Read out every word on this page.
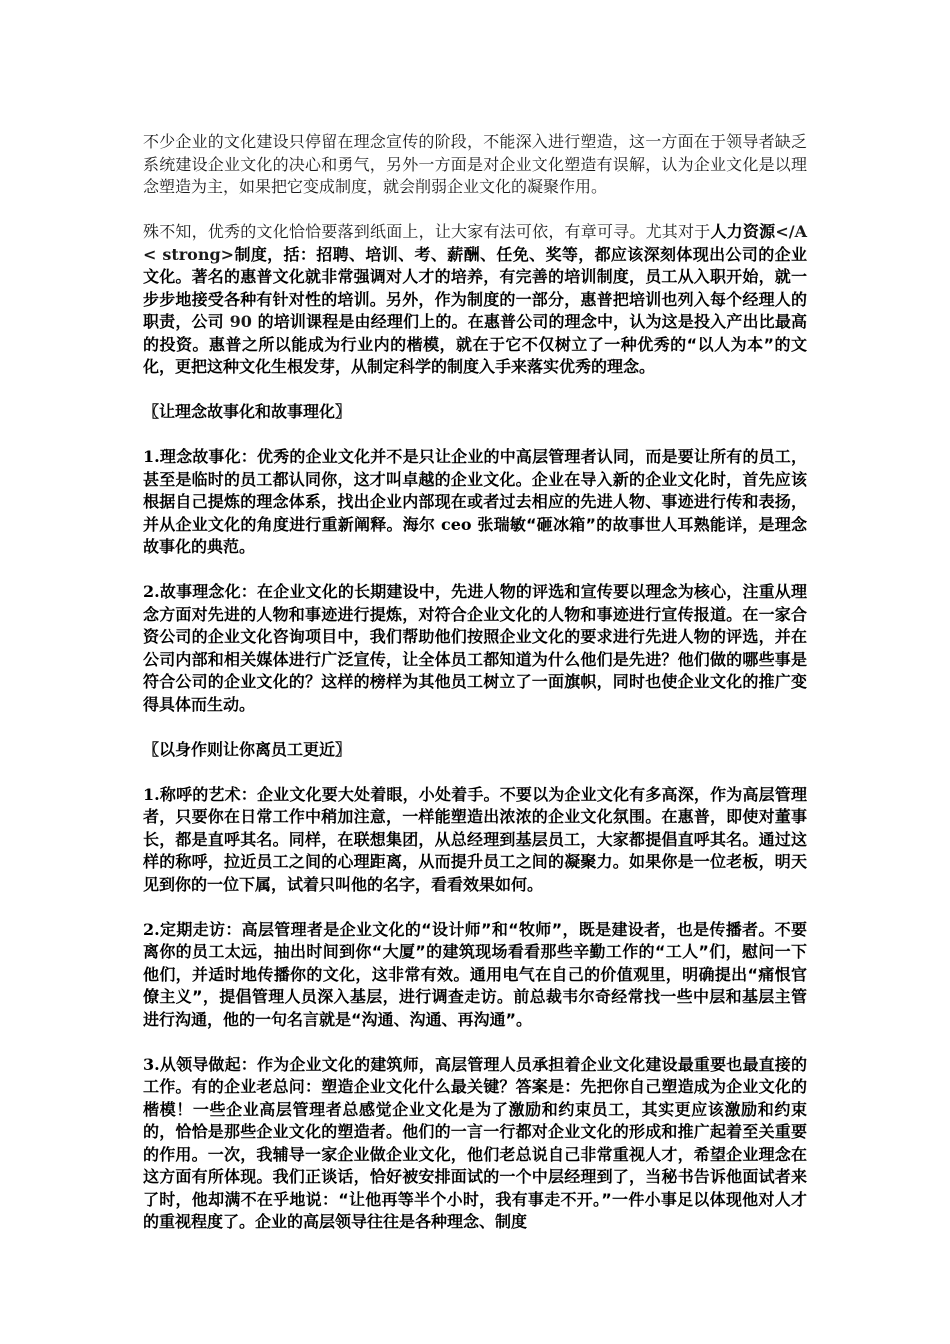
不少企业的文化建设只停留在理念宣传的阶段，不能深入进行塑造，这一方面在于领导者缺乏系统建设企业文化的决心和勇气，另外一方面是对企业文化塑造有误解，认为企业文化是以理念塑造为主，如果把它变成制度，就会削弱企业文化的凝聚作用。

殊不知，优秀的文化恰恰要落到纸面上，让大家有法可依，有章可寻。尤其对于人力资源</A< strong>制度，括：招聘、培训、考、薪酬、任免、奖等，都应该深刻体现出公司的企业文化。著名的惠普文化就非常强调对人才的培养，有完善的培训制度，员工从入职开始，就一步步地接受各种有针对性的培训。另外，作为制度的一部分，惠普把培训也列入每个经理人的职责，公司 90 的培训课程是由经理们上的。在惠普公司的理念中，认为这是投入产出比最高的投资。惠普之所以能成为行业内的楷模，就在于它不仅树立了一种优秀的“以人为本”的文化，更把这种文化生根发芽，从制定科学的制度入手来落实优秀的理念。

〖让理念故事化和故事理化〗

1.理念故事化：优秀的企业文化并不是只让企业的中高层管理者认同，而是要让所有的员工，甚至是临时的员工都认同你，这才叫卓越的企业文化。企业在导入新的企业文化时，首先应该根据自己提炼的理念体系，找出企业内部现在或者过去相应的先进人物、事迹进行传和表扬，并从企业文化的角度进行重新阐释。海尔 ceo 张瑞敏“砸冰箱”的故事世人耳熟能详，是理念故事化的典范。

2.故事理念化：在企业文化的长期建设中，先进人物的评选和宣传要以理念为核心，注重从理念方面对先进的人物和事迹进行提炼，对符合企业文化的人物和事迹进行宣传报道。在一家合资公司的企业文化咨询项目中，我们帮助他们按照企业文化的要求进行先进人物的评选，并在公司内部和相关媒体进行广泛宣传，让全体员工都知道为什么他们是先进？他们做的哪些事是符合公司的企业文化的？这样的榜样为其他员工树立了一面旗帜，同时也使企业文化的推广变得具体而生动。

〖以身作则让你离员工更近〗

1.称呼的艺术：企业文化要大处着眼，小处着手。不要以为企业文化有多高深，作为高层管理者，只要你在日常工作中稍加注意，一样能塑造出浓浓的企业文化氛围。在惠普，即使对董事长，都是直呼其名。同样，在联想集团，从总经理到基层员工，大家都提倡直呼其名。通过这样的称呼，拉近员工之间的心理距离，从而提升员工之间的凝聚力。如果你是一位老板，明天见到你的一位下属，试着只叫他的名字，看看效果如何。

2.定期走访：高层管理者是企业文化的“设计师”和“牧师”，既是建设者，也是传播者。不要离你的员工太远，抽出时间到你“大厦”的建筑现场看看那些辛勤工作的“工人”们，慰问一下他们，并适时地传播你的文化，这非常有效。通用电气在自己的价值观里，明确提出“痛恨官僚主义”，提倡管理人员深入基层，进行调查走访。前总裁韦尔奇经常找一些中层和基层主管进行沟通，他的一句名言就是“沟通、沟通、再沟通”。

3.从领导做起：作为企业文化的建筑师，高层管理人员承担着企业文化建设最重要也最直接的工作。有的企业老总问：塑造企业文化什么最关键？答案是：先把你自己塑造成为企业文化的楷模！一些企业高层管理者总感觉企业文化是为了激励和约束员工，其实更应该激励和约束的，恰恰是那些企业文化的塑造者。他们的一言一行都对企业文化的形成和推广起着至关重要的作用。一次，我辅导一家企业做企业文化，他们老总说自己非常重视人才，希望企业理念在这方面有所体现。我们正谈话，恰好被安排面试的一个中层经理到了，当秘书告诉他面试者来了时，他却满不在乎地说：“让他再等半个小时，我有事走不开。”一件小事足以体现他对人才的重视程度了。企业的高层领导往往是各种理念、制度
